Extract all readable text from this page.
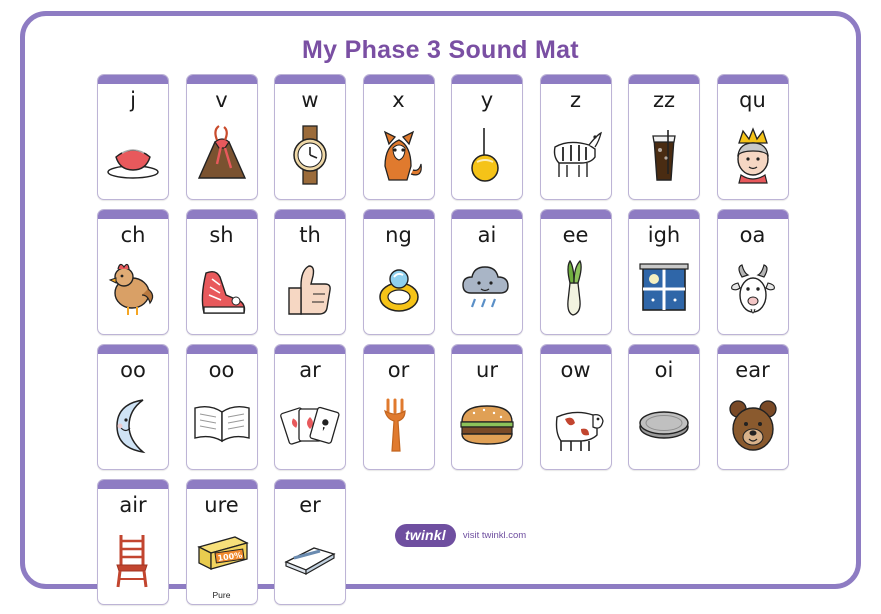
My Phase 3 Sound Mat
j	v	w	x	y	z	zz	qu
ch	sh	th	ng	ai	ee	igh	oa
oo	oo	ar	or	ur	ow	oi	ear
air	ure
100%
Pure
er
twinkl	visit twinkl.com
